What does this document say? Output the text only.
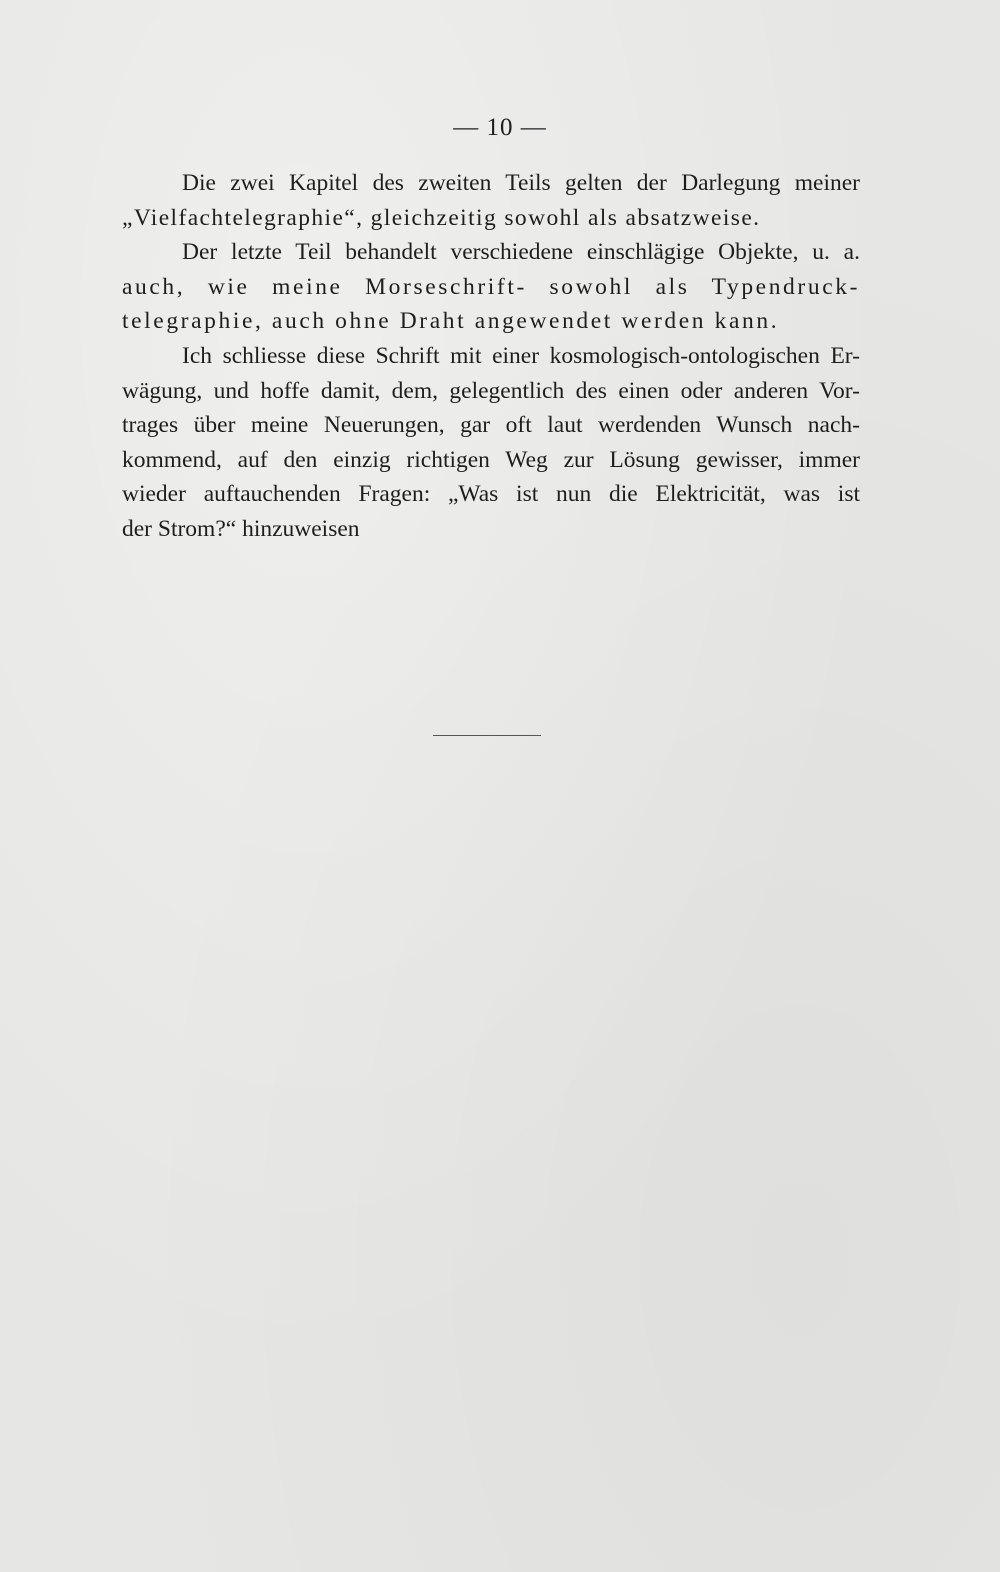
— 10 —
Die zwei Kapitel des zweiten Teils gelten der Darlegung meiner
„Vielfachtelegraphie“, gleichzeitig sowohl als absatzweise.
Der letzte Teil behandelt verschiedene einschlägige Objekte, u. a.
auch, wie meine Morseschrift- sowohl als Typendruck-
telegraphie, auch ohne Draht angewendet werden kann.
Ich schliesse diese Schrift mit einer kosmologisch-ontologischen Er-
wägung, und hoffe damit, dem, gelegentlich des einen oder anderen Vor-
trages über meine Neuerungen, gar oft laut werdenden Wunsch nach-
kommend, auf den einzig richtigen Weg zur Lösung gewisser, immer
wieder auftauchenden Fragen: „Was ist nun die Elektricität, was ist
der Strom?“ hinzuweisen
